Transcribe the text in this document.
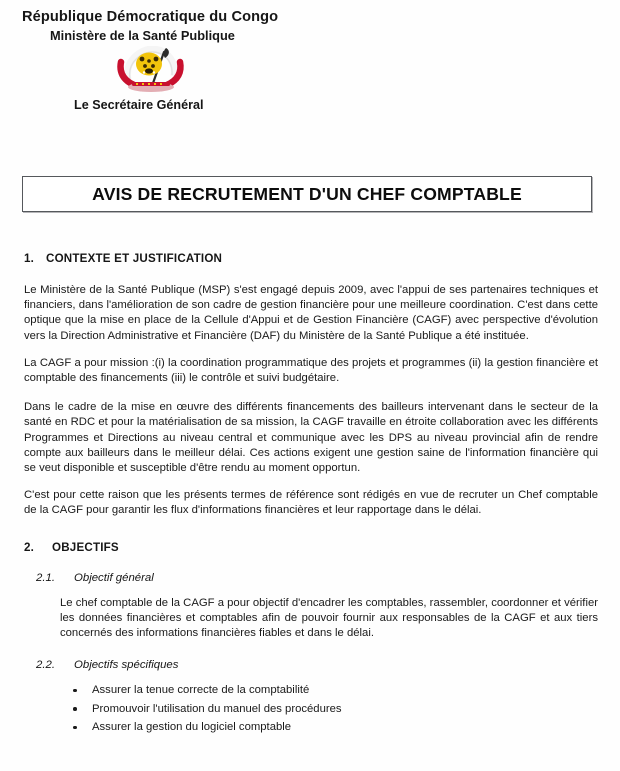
République Démocratique du Congo
Ministère de la Santé Publique
Le Secrétaire Général
AVIS DE RECRUTEMENT D'UN CHEF COMPTABLE
1.	CONTEXTE ET JUSTIFICATION

Le Ministère de la Santé Publique (MSP) s'est engagé depuis 2009, avec l'appui de ses partenaires techniques et financiers, dans l'amélioration de son cadre de gestion financière pour une meilleure coordination. C'est dans cette optique que la mise en place de la Cellule d'Appui et de Gestion Financière (CAGF) avec perspective d'évolution vers la Direction Administrative et Financière (DAF) du Ministère de la Santé Publique a été instituée.

La CAGF a pour mission :(i) la coordination programmatique des projets et programmes (ii) la gestion financière et comptable des financements (iii) le contrôle et suivi budgétaire.

Dans le cadre de la mise en œuvre des différents financements des bailleurs intervenant dans le secteur de la santé en RDC et pour la matérialisation de sa mission, la CAGF travaille en étroite collaboration avec les différents Programmes et Directions au niveau central et communique avec les DPS au niveau provincial afin de rendre compte aux bailleurs dans le meilleur délai. Ces actions exigent une gestion saine de l'information financière qui se veut disponible et susceptible d'être rendu au moment opportun.

C'est pour cette raison que les présents termes de référence sont rédigés en vue de recruter un Chef comptable de la CAGF pour garantir les flux d'informations financières et leur rapportage dans le délai.

2.	OBJECTIFS
2.1.	Objectif général

Le chef comptable de la CAGF a pour objectif d'encadrer les comptables, rassembler, coordonner et vérifier les données financières et comptables afin de pouvoir fournir aux responsables de la CAGF et aux tiers concernés des informations financières fiables et dans le délai.

2.2.	Objectifs spécifiques
Assurer la tenue correcte de la comptabilité
Promouvoir l'utilisation du manuel des procédures
Assurer la gestion du logiciel comptable
